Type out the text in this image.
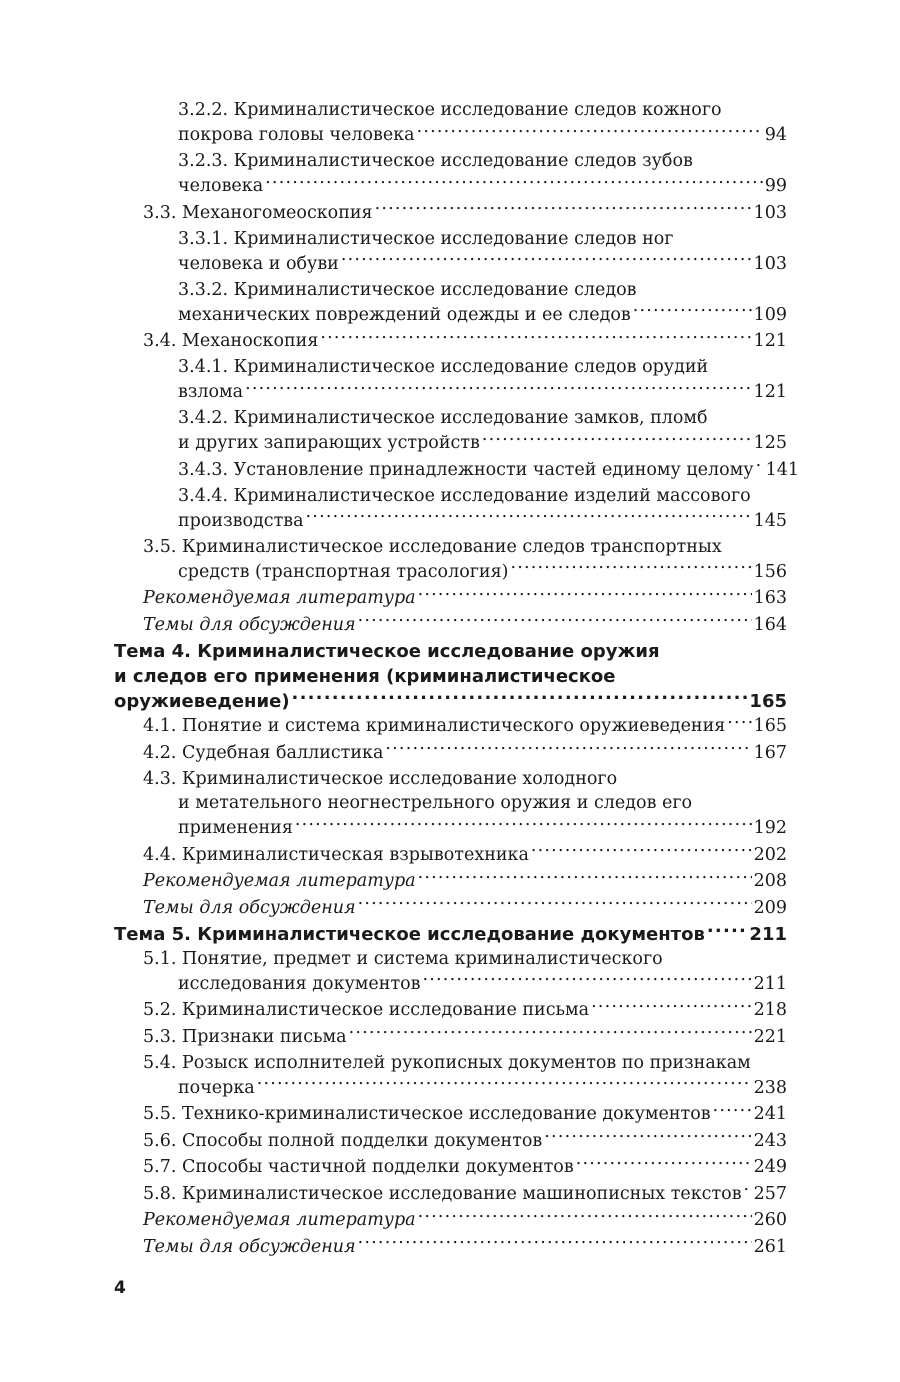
3.2.2. Криминалистическое исследование следов кожного
покрова головы человека .....	94
3.2.3. Криминалистическое исследование следов зубов
человека .....	99
3.3. Механогомеоскопия .....	103
3.3.1. Криминалистическое исследование следов ног
человека и обуви .....	103
3.3.2. Криминалистическое исследование следов
механических повреждений одежды и ее следов .....	109
3.4. Механоскопия .....	121
3.4.1. Криминалистическое исследование следов орудий
взлома .....	121
3.4.2. Криминалистическое исследование замков, пломб
и других запирающих устройств .....	125
3.4.3. Установление принадлежности частей единому целому ..... 141
3.4.4. Криминалистическое исследование изделий массового
производства .....	145
3.5. Криминалистическое исследование следов транспортных
средств (транспортная трасология) .....	156
Рекомендуемая литература .....	163
Темы для обсуждения .....	164
Тема 4. Криминалистическое исследование оружия
и следов его применения (криминалистическое
оружиеведение) .....	165
4.1. Понятие и система криминалистического оружиеведения ..... 165
4.2. Судебная баллистика .....	167
4.3. Криминалистическое исследование холодного
и метательного неогнестрельного оружия и следов его
применения .....	192
4.4. Криминалистическая взрывотехника .....	202
Рекомендуемая литература .....	208
Темы для обсуждения .....	209
Тема 5. Криминалистическое исследование документов ..... 211
5.1. Понятие, предмет и система криминалистического
исследования документов .....	211
5.2. Криминалистическое исследование письма .....	218
5.3. Признаки письма .....	221
5.4. Розыск исполнителей рукописных документов по признакам
почерка .....	238
5.5. Технико-криминалистическое исследование документов ..... 241
5.6. Способы полной подделки документов .....	243
5.7. Способы частичной подделки документов .....	249
5.8. Криминалистическое исследование машинописных текстов ..... 257
Рекомендуемая литература .....	260
Темы для обсуждения .....	261
4
